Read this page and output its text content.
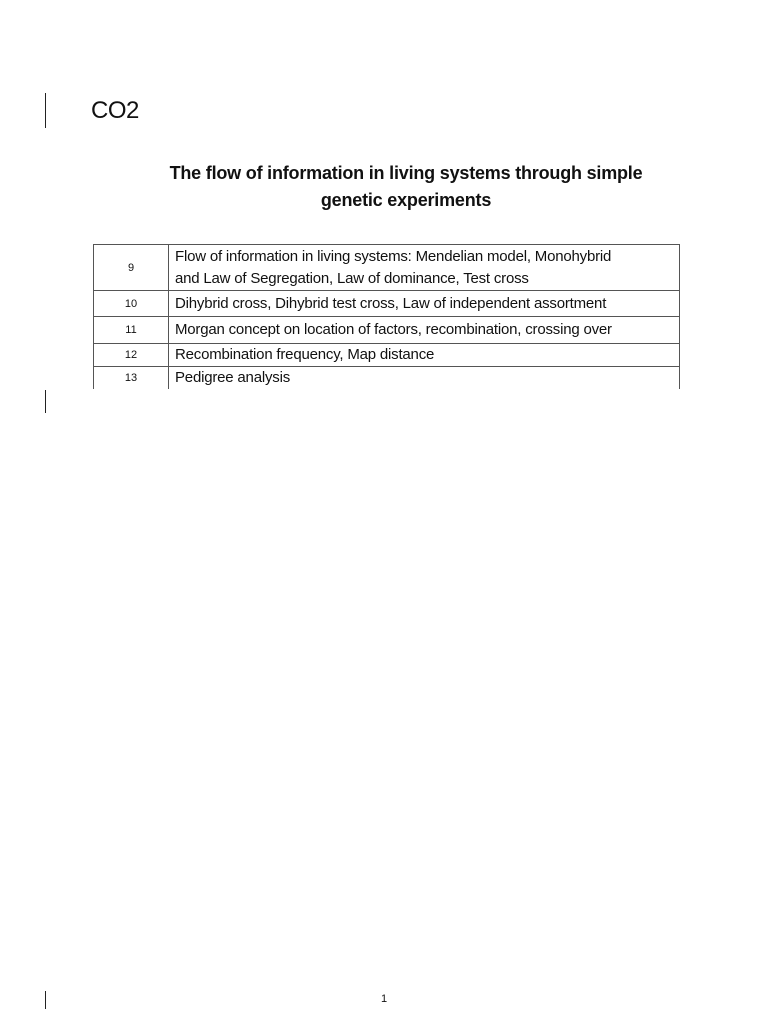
CO2
The flow of information in living systems through simple
genetic experiments
9	Flow of information in living systems: Mendelian model, Monohybrid
and Law of Segregation, Law of dominance, Test cross

10	Dihybrid cross, Dihybrid test cross, Law of independent assortment

11	Morgan concept on location of factors, recombination, crossing over

12	Recombination frequency, Map distance

13	Pedigree analysis
1
